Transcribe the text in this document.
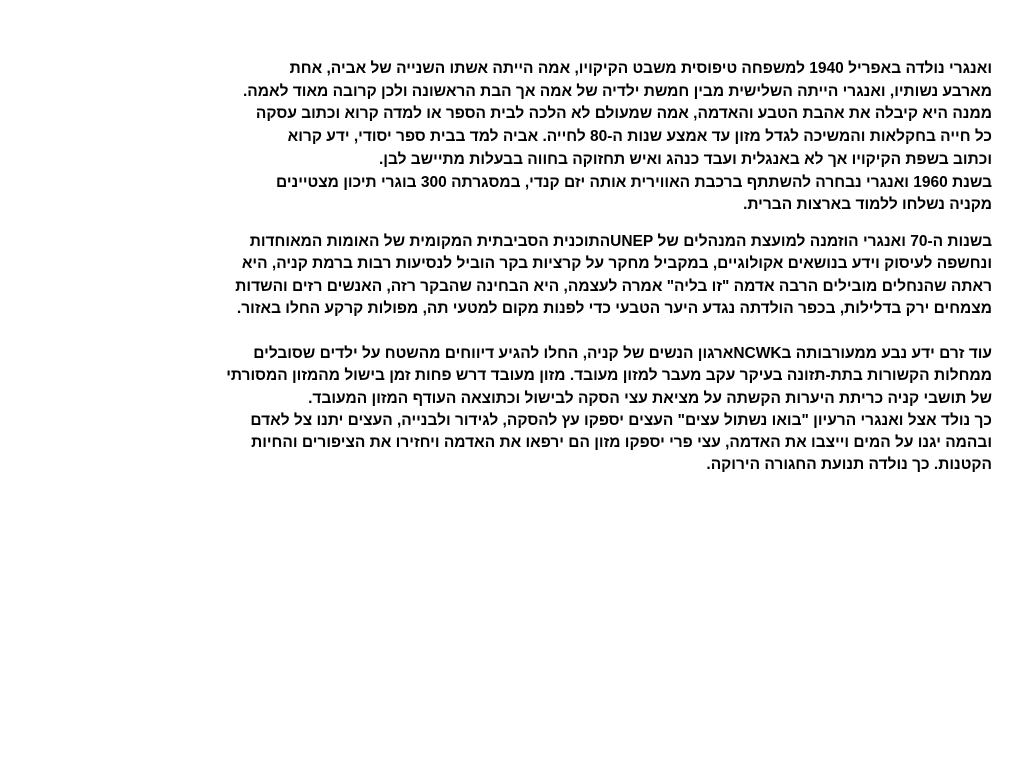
ואנגרי נולדה באפריל 1940 למשפחה טיפוסית משבט הקיקויו, אמה הייתה אשתו השנייה של אביה, אחת

מארבע נשותיו, ואנגרי הייתה השלישית מבין חמשת ילדיה של אמה אך הבת הראשונה ולכן קרובה מאוד לאמה.

ממנה היא קיבלה את אהבת הטבע והאדמה, אמה שמעולם לא הלכה לבית הספר או למדה קרוא וכתוב עסקה

כל חייה בחקלאות והמשיכה לגדל מזון עד אמצע שנות ה-80 לחייה. אביה למד בבית ספר יסודי, ידע קרוא

וכתוב בשפת הקיקויו אך לא באנגלית ועבד כנהג ואיש תחזוקה בחווה בבעלות מתיישב לבן.

בשנת 1960 ואנגרי נבחרה להשתתף ברכבת האווירית אותה יזם קנדי, במסגרתה 300 בוגרי תיכון מצטיינים

מקניה נשלחו ללמוד בארצות הברית.

בשנות ה-70 ואנגרי הוזמנה למועצת המנהלים של UNEPהתוכנית הסביבתית המקומית של האומות המאוחדות

ונחשפה לעיסוק וידע בנושאים אקולוגיים, במקביל מחקר על קרציות בקר הוביל לנסיעות רבות ברמת קניה, היא

ראתה שהנחלים מובילים הרבה אדמה "זו בליה" אמרה לעצמה, היא הבחינה שהבקר רזה, האנשים רזים והשדות

מצמחים ירק בדלילות, בכפר הולדתה נגדע היער הטבעי כדי לפנות מקום למטעי תה, מפולות קרקע החלו באזור.

עוד זרם ידע נבע ממעורבותה בNCWKארגון הנשים של קניה, החלו להגיע דיווחים מהשטח על ילדים שסובלים

ממחלות הקשורות בתת-תזונה בעיקר עקב מעבר למזון מעובד. מזון מעובד דרש פחות זמן בישול מהמזון המסורתי

של תושבי קניה כריתת היערות הקשתה על מציאת עצי הסקה לבישול וכתוצאה העודף המזון המעובד.

כך נולד אצל ואנגרי הרעיון "בואו נשתול עצים" העצים יספקו עץ להסקה, לגידור ולבנייה, העצים יתנו צל לאדם

ובהמה יגנו על המים וייצבו את האדמה, עצי פרי יספקו מזון הם ירפאו את האדמה ויחזירו את הציפורים והחיות

הקטנות. כך נולדה תנועת החגורה הירוקה.
